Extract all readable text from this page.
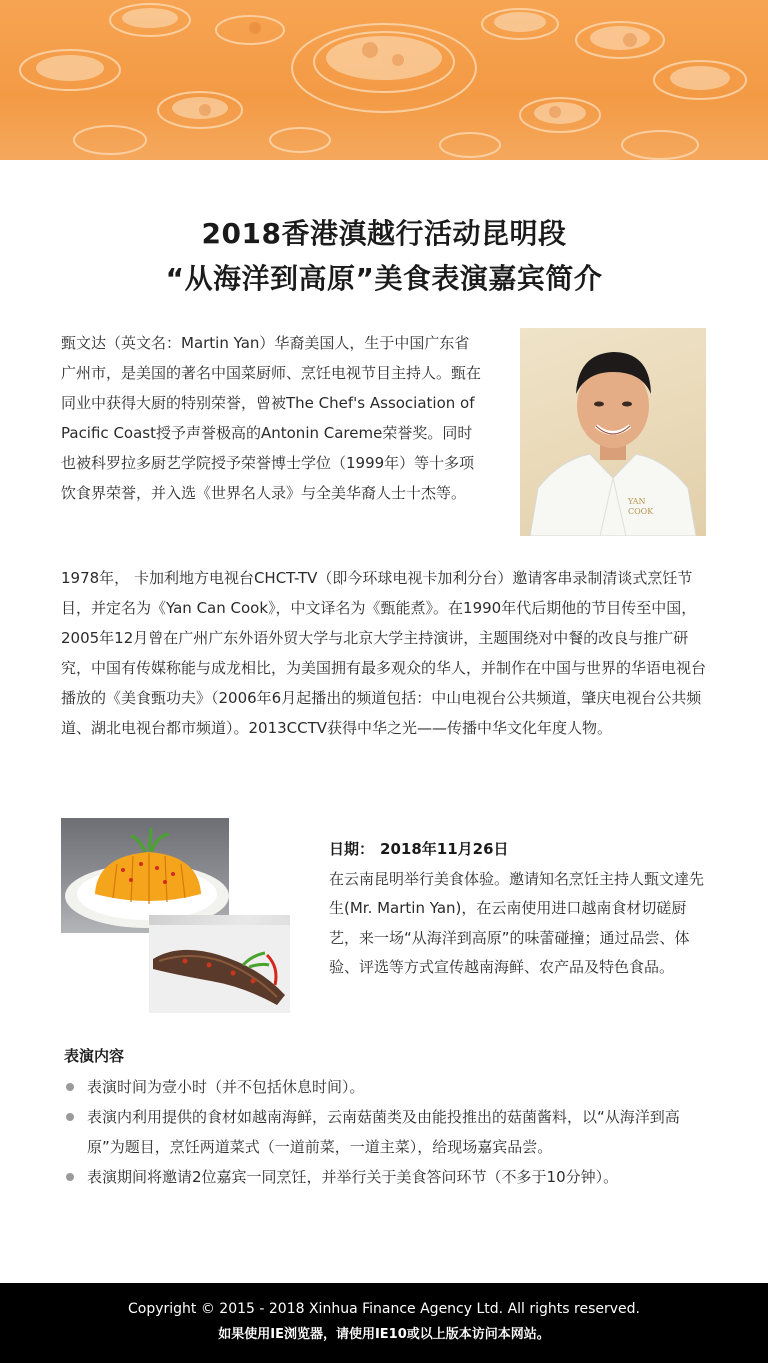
2018香港滇越行活动昆明段
“从海洋到高原”美食表演嘉宾简介
甄文达（英文名：Martin Yan）华裔美国人，生于中国广东省广州市，是美国的著名中国菜厨师、烹饪电视节目主持人。甄在同业中获得大厨的特别荣誉，曾被The Chef's Association of Pacific Coast授予声誉极高的Antonin Careme荣誉奖。同时也被科罗拉多厨艺学院授予荣誉博士学位（1999年）等十多项饮食界荣誉，并入选《世界名人录》与全美华裔人士十杰等。	YAN
COOK
1978年， 卡加利地方电视台CHCT-TV（即今环球电视卡加利分台）邀请客串录制清谈式烹饪节目，并定名为《Yan Can Cook》，中文译名为《甄能煮》。在1990年代后期他的节目传至中国，2005年12月曾在广州广东外语外贸大学与北京大学主持演讲，主题围绕对中餐的改良与推广研究，中国有传媒称能与成龙相比，为美国拥有最多观众的华人，并制作在中国与世界的华语电视台播放的《美食甄功夫》（2006年6月起播出的频道包括：中山电视台公共频道，肇庆电视台公共频道、湖北电视台都市频道）。2013CCTV获得中华之光——传播中华文化年度人物。
日期： 2018年11月26日
在云南昆明举行美食体验。邀请知名烹饪主持人甄文達先生(Mr. Martin Yan)，在云南使用进口越南食材切磋厨艺，来一场“从海洋到高原”的味蕾碰撞；通过品尝、体验、评选等方式宣传越南海鲜、农产品及特色食品。
表演内容
表演时间为壹小时（并不包括休息时间）。
表演内利用提供的食材如越南海鲜，云南菇菌类及由能投推出的菇菌酱料，以“从海洋到高原”为题目，烹饪两道菜式（一道前菜，一道主菜），给现场嘉宾品尝。
表演期间将邀请2位嘉宾一同烹饪，并举行关于美食答问环节（不多于10分钟）。
Copyright © 2015 - 2018 Xinhua Finance Agency Ltd. All rights reserved.
如果使用IE浏览器，请使用IE10或以上版本访问本网站。
